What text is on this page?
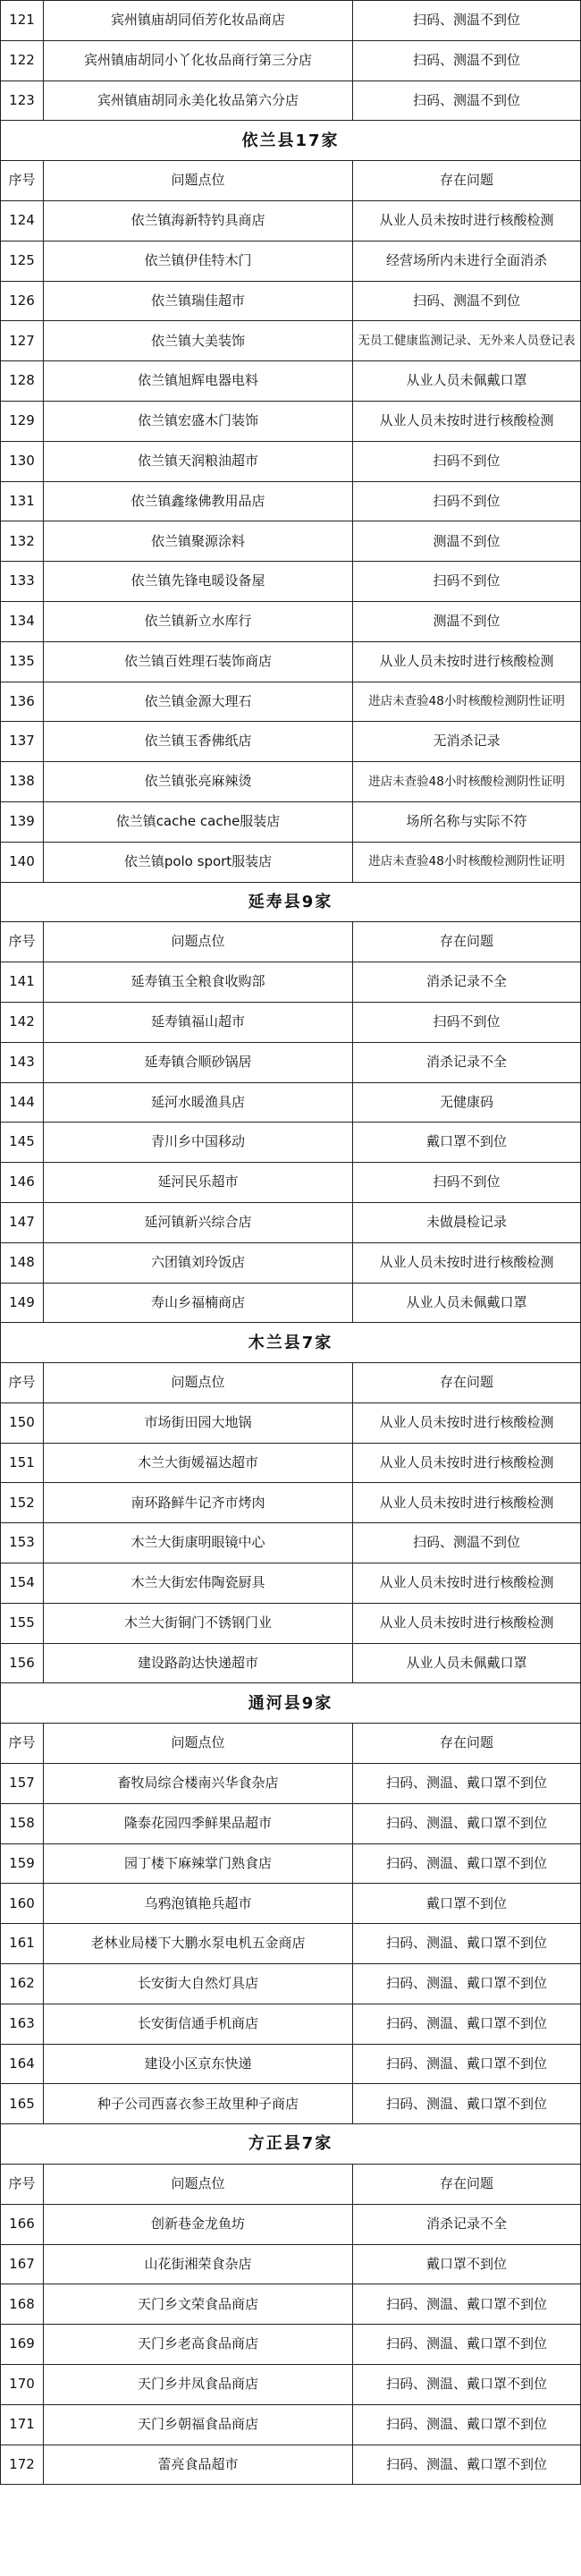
121	宾州镇庙胡同佰芳化妆品商店	扫码、测温不到位
122	宾州镇庙胡同小丫化妆品商行第三分店	扫码、测温不到位
123	宾州镇庙胡同永美化妆品第六分店	扫码、测温不到位
依兰县17家
序号	问题点位	存在问题
124	依兰镇海新特钓具商店	从业人员未按时进行核酸检测
125	依兰镇伊佳特木门	经营场所内未进行全面消杀
126	依兰镇瑞佳超市	扫码、测温不到位
127	依兰镇大美装饰	无员工健康监测记录、无外来人员登记表
128	依兰镇旭辉电器电料	从业人员未佩戴口罩
129	依兰镇宏盛木门装饰	从业人员未按时进行核酸检测
130	依兰镇天润粮油超市	扫码不到位
131	依兰镇鑫缘佛教用品店	扫码不到位
132	依兰镇聚源涂料	测温不到位
133	依兰镇先锋电暖设备屋	扫码不到位
134	依兰镇新立水库行	测温不到位
135	依兰镇百姓理石装饰商店	从业人员未按时进行核酸检测
136	依兰镇金源大理石	进店未查验48小时核酸检测阴性证明
137	依兰镇玉香佛纸店	无消杀记录
138	依兰镇张亮麻辣烫	进店未查验48小时核酸检测阴性证明
139	依兰镇cache cache服装店	场所名称与实际不符
140	依兰镇polo sport服装店	进店未查验48小时核酸检测阴性证明
延寿县9家
序号	问题点位	存在问题
141	延寿镇玉全粮食收购部	消杀记录不全
142	延寿镇福山超市	扫码不到位
143	延寿镇合顺砂锅居	消杀记录不全
144	延河水暖渔具店	无健康码
145	青川乡中国移动	戴口罩不到位
146	延河民乐超市	扫码不到位
147	延河镇新兴综合店	未做晨检记录
148	六团镇刘玲饭店	从业人员未按时进行核酸检测
149	寿山乡福楠商店	从业人员未佩戴口罩
木兰县7家
序号	问题点位	存在问题
150	市场街田园大地锅	从业人员未按时进行核酸检测
151	木兰大街媛福达超市	从业人员未按时进行核酸检测
152	南环路鲜牛记齐市烤肉	从业人员未按时进行核酸检测
153	木兰大街康明眼镜中心	扫码、测温不到位
154	木兰大街宏伟陶瓷厨具	从业人员未按时进行核酸检测
155	木兰大街铜门不锈钢门业	从业人员未按时进行核酸检测
156	建设路韵达快递超市	从业人员未佩戴口罩
通河县9家
序号	问题点位	存在问题
157	畜牧局综合楼南兴华食杂店	扫码、测温、戴口罩不到位
158	隆泰花园四季鲜果品超市	扫码、测温、戴口罩不到位
159	园丁楼下麻辣掌门熟食店	扫码、测温、戴口罩不到位
160	乌鸦泡镇艳兵超市	戴口罩不到位
161	老林业局楼下大鹏水泵电机五金商店	扫码、测温、戴口罩不到位
162	长安街大自然灯具店	扫码、测温、戴口罩不到位
163	长安街信通手机商店	扫码、测温、戴口罩不到位
164	建设小区京东快递	扫码、测温、戴口罩不到位
165	种子公司西喜衣参王故里种子商店	扫码、测温、戴口罩不到位
方正县7家
序号	问题点位	存在问题
166	创新巷金龙鱼坊	消杀记录不全
167	山花街湘荣食杂店	戴口罩不到位
168	天门乡文荣食品商店	扫码、测温、戴口罩不到位
169	天门乡老高食品商店	扫码、测温、戴口罩不到位
170	天门乡井凤食品商店	扫码、测温、戴口罩不到位
171	天门乡朝福食品商店	扫码、测温、戴口罩不到位
172	蕾亮食品超市	扫码、测温、戴口罩不到位
